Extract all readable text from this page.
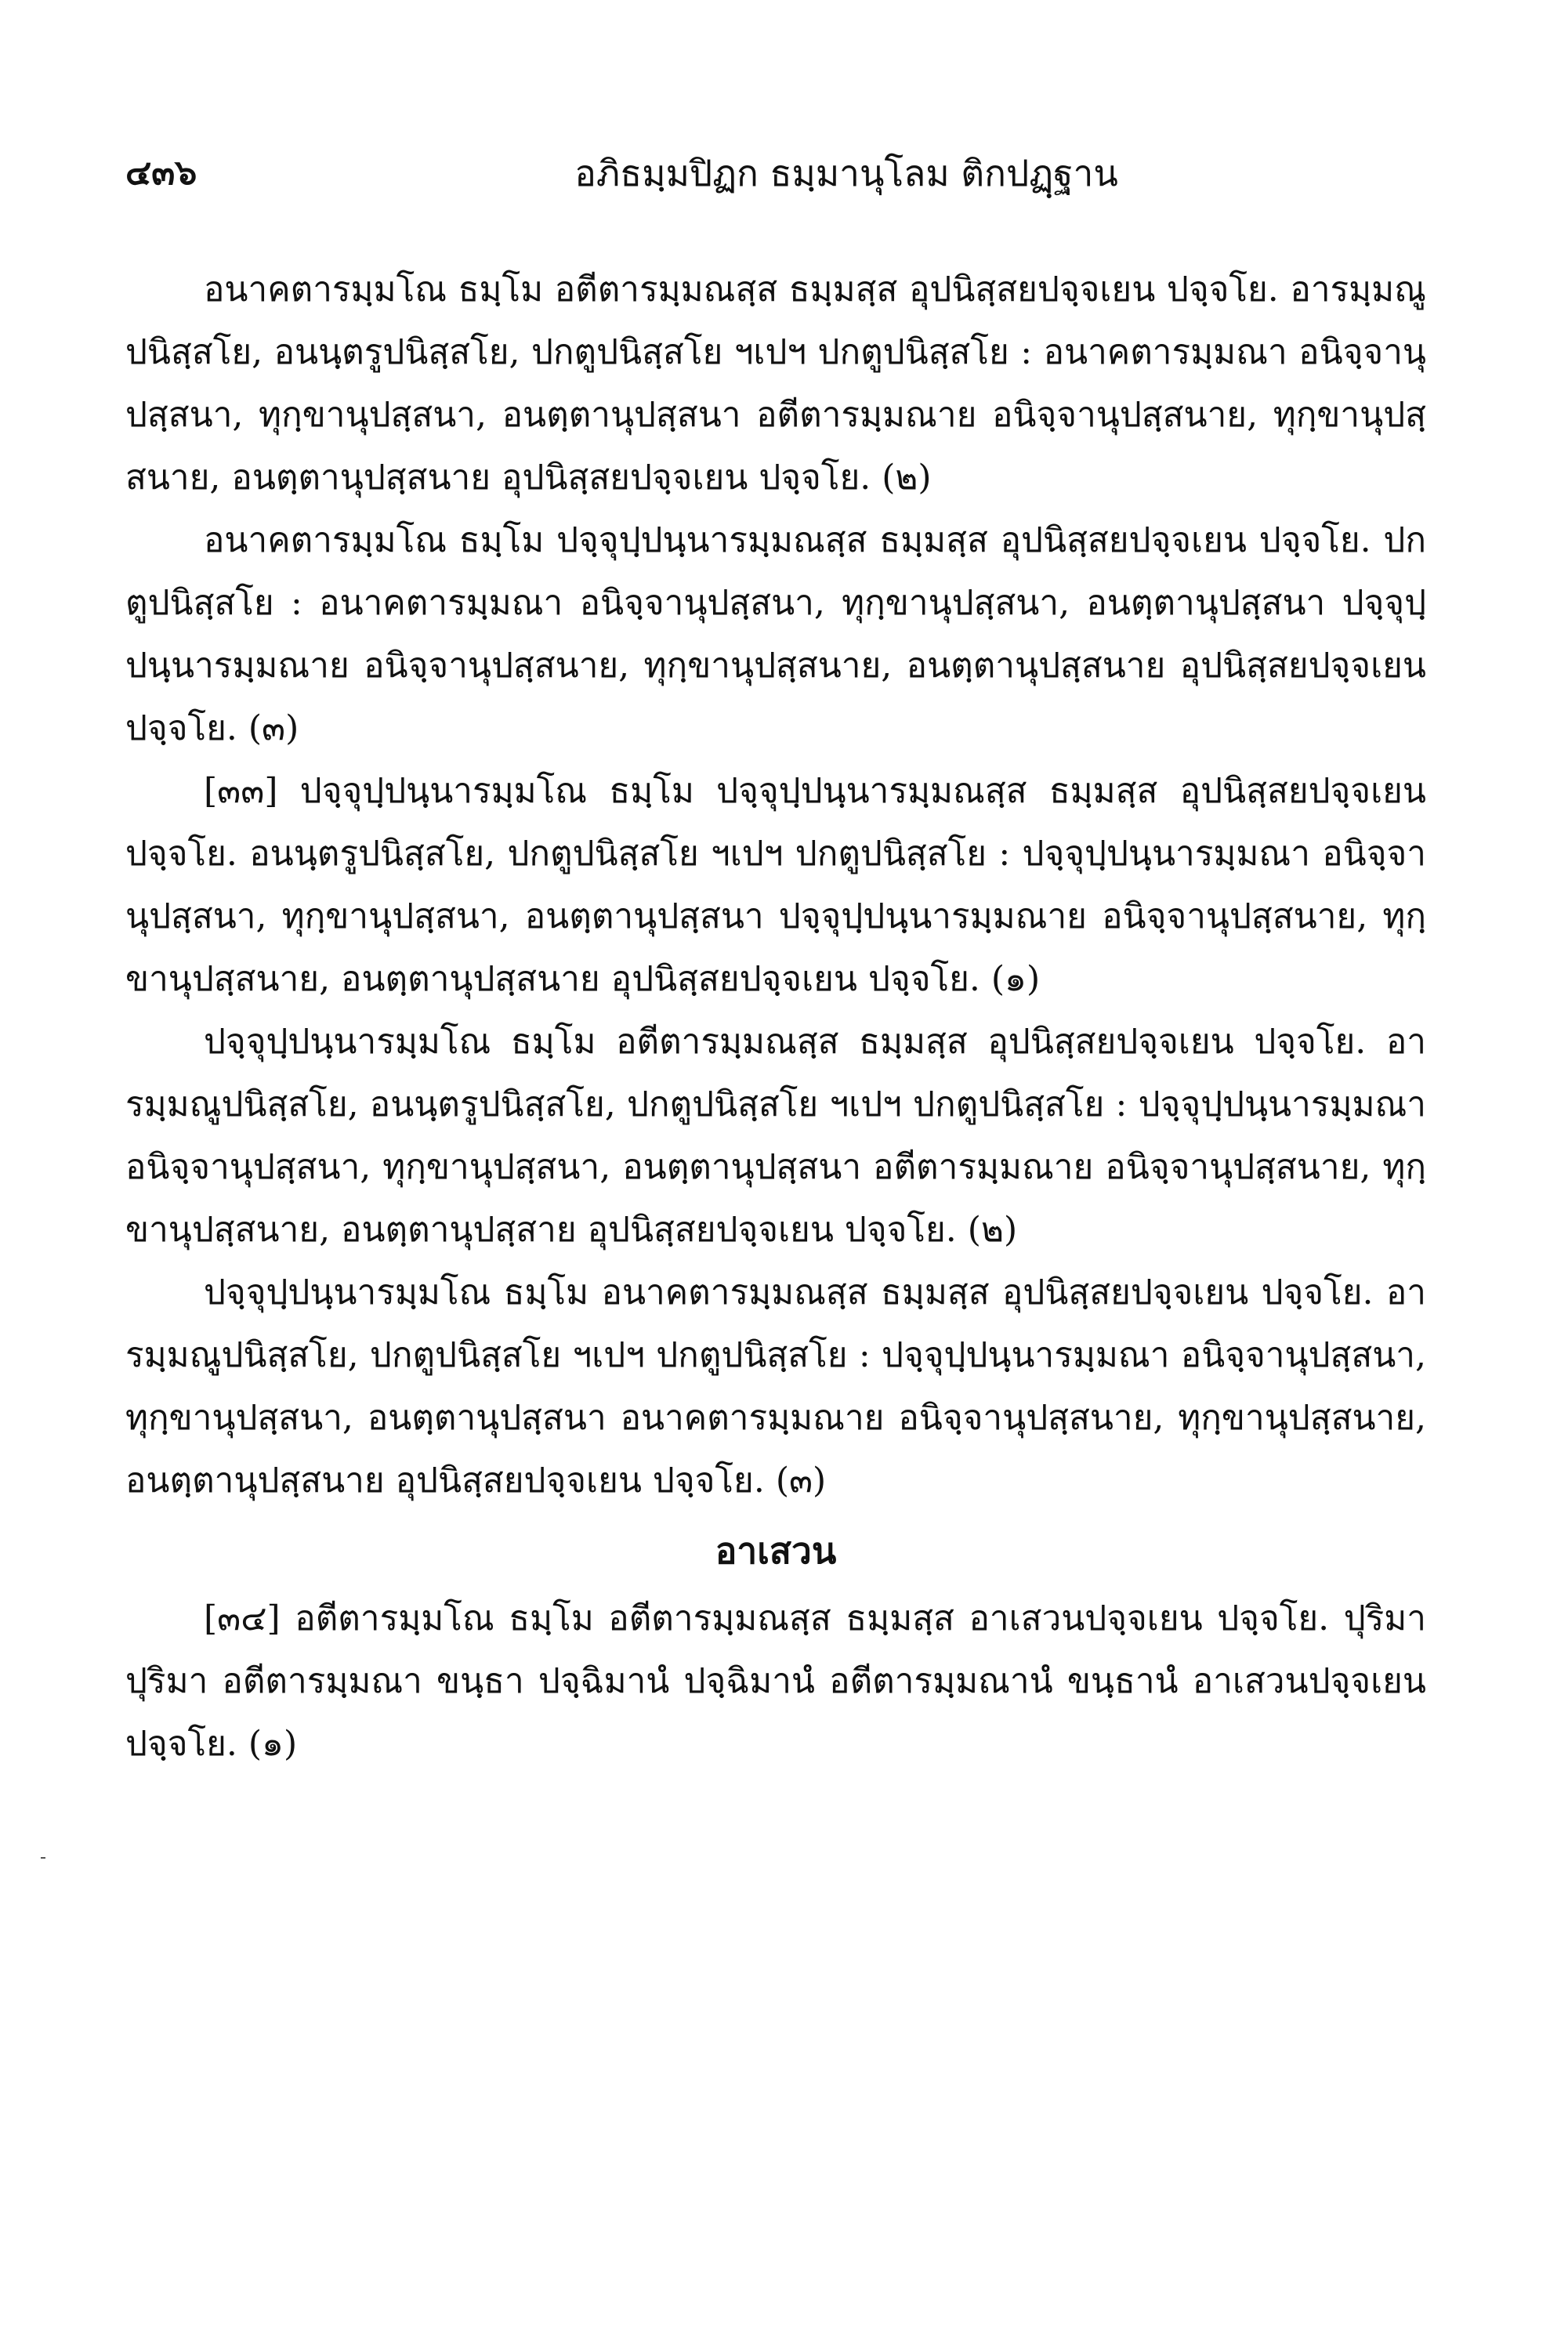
๔๓๖	อภิธมฺมปิฏก ธมฺมานุโลม ติกปฏฺฐาน

อนาคตารมฺมโณ ธมฺโม อตีตารมฺมณสฺส ธมฺมสฺส อุปนิสฺสยปจฺจเยน ปจฺจโย. อารมฺมณูปนิสฺสโย, อนนฺตรูปนิสฺสโย, ปกตูปนิสฺสโย ฯเปฯ ปกตูปนิสฺสโย : อนาคตารมฺมณา อนิจฺจานุปสฺสนา, ทุกฺขานุปสฺสนา, อนตฺตานุปสฺสนา อตีตารมฺมณาย อนิจฺจานุปสฺสนาย, ทุกฺขานุปสฺสนาย, อนตฺตานุปสฺสนาย อุปนิสฺสยปจฺจเยน ปจฺจโย. (๒)

อนาคตารมฺมโณ ธมฺโม ปจฺจุปฺปนฺนารมฺมณสฺส ธมฺมสฺส อุปนิสฺสยปจฺจเยน ปจฺจโย. ปกตูปนิสฺสโย : อนาคตารมฺมณา อนิจฺจานุปสฺสนา, ทุกฺขานุปสฺสนา, อนตฺตานุปสฺสนา ปจฺจุปฺปนฺนารมฺมณาย อนิจฺจานุปสฺสนาย, ทุกฺขานุปสฺสนาย, อนตฺตานุปสฺสนาย อุปนิสฺสยปจฺจเยน ปจฺจโย. (๓)

[๓๓] ปจฺจุปฺปนฺนารมฺมโณ ธมฺโม ปจฺจุปฺปนฺนารมฺมณสฺส ธมฺมสฺส อุปนิสฺสยปจฺจเยน ปจฺจโย. อนนฺตรูปนิสฺสโย, ปกตูปนิสฺสโย ฯเปฯ ปกตูปนิสฺสโย : ปจฺจุปฺปนฺนารมฺมณา อนิจฺจานุปสฺสนา, ทุกฺขานุปสฺสนา, อนตฺตานุปสฺสนา ปจฺจุปฺปนฺนารมฺมณาย อนิจฺจานุปสฺสนาย, ทุกฺขานุปสฺสนาย, อนตฺตานุปสฺสนาย อุปนิสฺสยปจฺจเยน ปจฺจโย. (๑)

ปจฺจุปฺปนฺนารมฺมโณ ธมฺโม อตีตารมฺมณสฺส ธมฺมสฺส อุปนิสฺสยปจฺจเยน ปจฺจโย. อารมฺมณูปนิสฺสโย, อนนฺตรูปนิสฺสโย, ปกตูปนิสฺสโย ฯเปฯ ปกตูปนิสฺสโย : ปจฺจุปฺปนฺนารมฺมณา อนิจฺจานุปสฺสนา, ทุกฺขานุปสฺสนา, อนตฺตานุปสฺสนา อตีตารมฺมณาย อนิจฺจานุปสฺสนาย, ทุกฺขานุปสฺสนาย, อนตฺตานุปสฺสาย อุปนิสฺสยปจฺจเยน ปจฺจโย. (๒)

ปจฺจุปฺปนฺนารมฺมโณ ธมฺโม อนาคตารมฺมณสฺส ธมฺมสฺส อุปนิสฺสยปจฺจเยน ปจฺจโย. อารมฺมณูปนิสฺสโย, ปกตูปนิสฺสโย ฯเปฯ ปกตูปนิสฺสโย : ปจฺจุปฺปนฺนารมฺมณา อนิจฺจานุปสฺสนา, ทุกฺขานุปสฺสนา, อนตฺตานุปสฺสนา อนาคตารมฺมณาย อนิจฺจานุปสฺสนาย, ทุกฺขานุปสฺสนาย, อนตฺตานุปสฺสนาย อุปนิสฺสยปจฺจเยน ปจฺจโย. (๓)

อาเสวน

[๓๔] อตีตารมฺมโณ ธมฺโม อตีตารมฺมณสฺส ธมฺมสฺส อาเสวนปจฺจเยน ปจฺจโย. ปุริมา ปุริมา อตีตารมฺมณา ขนฺธา ปจฺฉิมานํ ปจฺฉิมานํ อตีตารมฺมณานํ ขนฺธานํ อาเสวนปจฺจเยน ปจฺจโย. (๑)
